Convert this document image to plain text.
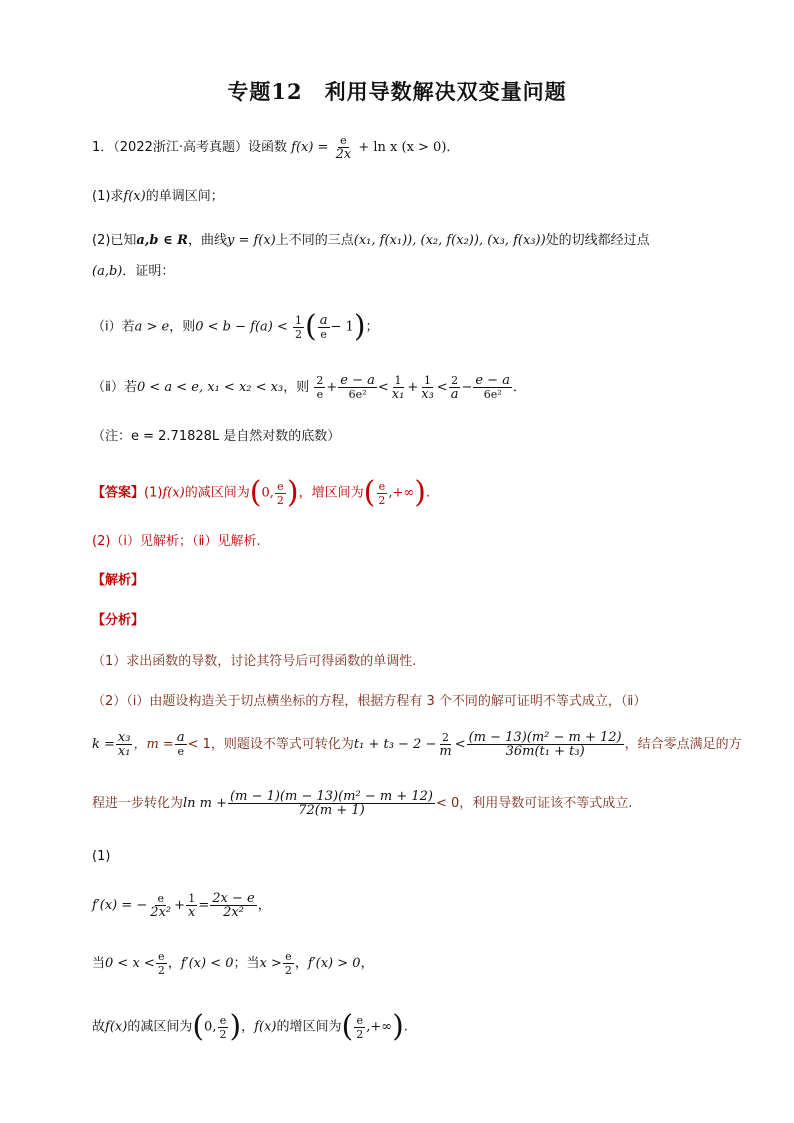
专题12　利用导数解决双变量问题
1．（2022浙江·高考真题）设函数 $f(x) = \frac{e}{2x} + \ln x$ (x > 0)．
(1)求f(x)的单调区间；
(2)已知a,b ∈ R，曲线y = f(x)上不同的三点(x₁, f(x₁)), (x₂, f(x₂)), (x₃, f(x₃))处的切线都经过点
(a,b)．证明：
（ⅰ）若a > e，则$0 < b - f(a) < \frac{1}{2}$ ( $\frac{a}{e} - 1$)；
（ⅱ）若0 < a < e, x₁ < x₂ < x₃，则 $\frac{2}{e} + \frac{e - a}{\text{6e²}} < \frac{1}{\text{x₁}} + \frac{1}{\text{x₃}} < \frac{2}{a} - \frac{e - a}{\text{6e²}}$ ．
（注：e = 2.71828L 是自然对数的底数）
【答案】(1)f(x)的减区间为(0, $\frac{e}{2}$ )，增区间为( $\frac{e}{2}$ ,+∞).
(2)（ⅰ）见解析；（ⅱ）见解析.
【解析】
【分析】
（1）求出函数的导数，讨论其符号后可得函数的单调性.
（2）（ⅰ）由题设构造关于切点横坐标的方程，根据方程有 3 个不同的解可证明不等式成立，（ⅱ）
$k = \frac{\text{x₃}}{\text{x₁}}$ ，$m = \frac{a}{e} < 1$，则题设不等式可转化为$t_1 + t_3 - 2 - \frac{2}{m} < \frac{\text{(m − 13)(m² − m + 12)}}{\text{36m(t₁ + t₃)}}$ ，结合零点满足的方
程进一步转化为$\ln m + \frac{\text{(m − 1)(m − 13)(m² − m + 12)}}{72(m + 1)} < 0$，利用导数可证该不等式成立.
(1)
f′(x) = − $\frac{e}{\text{2x²}} + \frac{1}{x} = \frac{2x - e}{\text{2x²}}$ ，
当$0 < x < \frac{e}{2}$ ，f′(x) < 0；当$x > \frac{e}{2}$ ，f′(x) > 0，
故f(x)的减区间为(0, $\frac{e}{2}$ )，f(x)的增区间为( $\frac{e}{2}$ ,+∞).
